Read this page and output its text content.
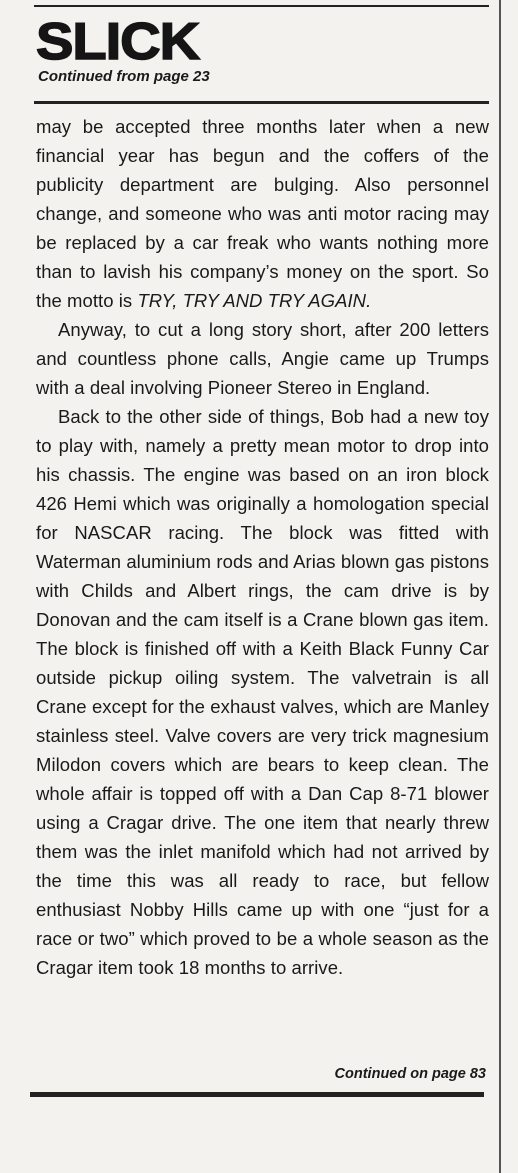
SLICK
Continued from page 23

may be accepted three months later when a new financial year has begun and the coffers of the publicity department are bulging. Also personnel change, and someone who was anti motor racing may be replaced by a car freak who wants nothing more than to lavish his company’s money on the sport. So the motto is TRY, TRY AND TRY AGAIN.

Anyway, to cut a long story short, after 200 letters and countless phone calls, Angie came up Trumps with a deal involving Pioneer Stereo in England.

Back to the other side of things, Bob had a new toy to play with, namely a pretty mean motor to drop into his chassis. The engine was based on an iron block 426 Hemi which was originally a homologation special for NASCAR racing. The block was fitted with Waterman aluminium rods and Arias blown gas pistons with Childs and Albert rings, the cam drive is by Donovan and the cam itself is a Crane blown gas item. The block is finished off with a Keith Black Funny Car outside pickup oiling system. The valvetrain is all Crane except for the exhaust valves, which are Manley stainless steel. Valve covers are very trick magnesium Milodon covers which are bears to keep clean. The whole affair is topped off with a Dan Cap 8-71 blower using a Cragar drive. The one item that nearly threw them was the inlet manifold which had not arrived by the time this was all ready to race, but fellow enthusiast Nobby Hills came up with one “just for a race or two” which proved to be a whole season as the Cragar item took 18 months to arrive.

Continued on page 83
